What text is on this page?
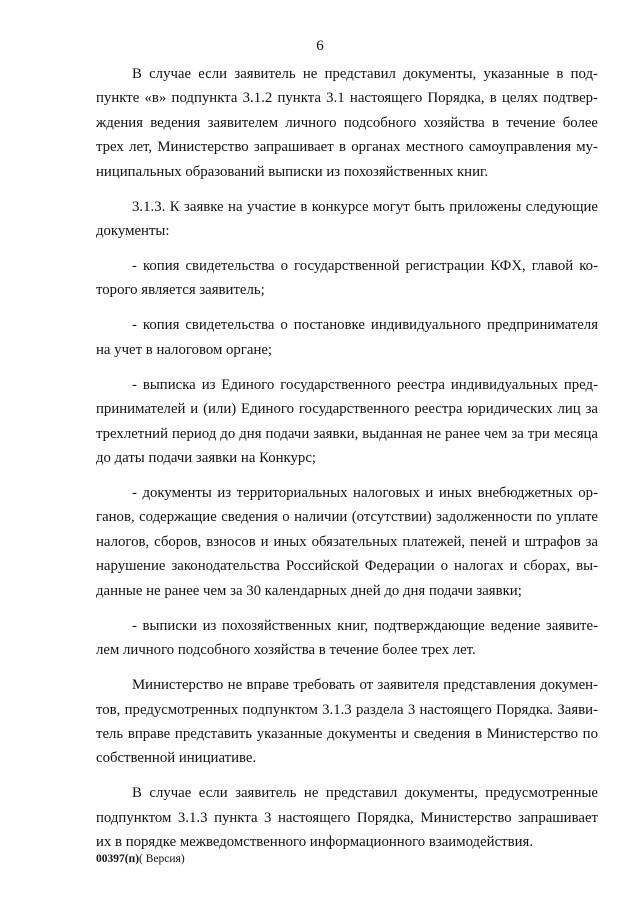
6

В случае если заявитель не представил документы, указанные в под-
пункте «в» подпункта 3.1.2 пункта 3.1 настоящего Порядка, в целях подтвер-
ждения ведения заявителем личного подсобного хозяйства в течение более
трех лет, Министерство запрашивает в органах местного самоуправления му-
ниципальных образований выписки из похозяйственных книг.

3.1.3. К заявке на участие в конкурсе могут быть приложены следующие
документы:

- копия свидетельства о государственной регистрации КФХ, главой ко-
торого является заявитель;

- копия свидетельства о постановке индивидуального предпринимателя
на учет в налоговом органе;

- выписка из Единого государственного реестра индивидуальных пред-
принимателей и (или) Единого государственного реестра юридических лиц за
трехлетний период до дня подачи заявки, выданная не ранее чем за три месяца
до даты подачи заявки на Конкурс;

- документы из территориальных налоговых и иных внебюджетных ор-
ганов, содержащие сведения о наличии (отсутствии) задолженности по уплате
налогов, сборов, взносов и иных обязательных платежей, пеней и штрафов за
нарушение законодательства Российской Федерации о налогах и сборах, вы-
данные не ранее чем за 30 календарных дней до дня подачи заявки;

- выписки из похозяйственных книг, подтверждающие ведение заявите-
лем личного подсобного хозяйства в течение более трех лет.

Министерство не вправе требовать от заявителя представления докумен-
тов, предусмотренных подпунктом 3.1.3 раздела 3 настоящего Порядка. Заяви-
тель вправе представить указанные документы и сведения в Министерство по
собственной инициативе.

В случае если заявитель не представил документы, предусмотренные
подпунктом 3.1.3 пункта 3 настоящего Порядка, Министерство запрашивает
их в порядке межведомственного информационного взаимодействия.

00397(п)( Версия)
